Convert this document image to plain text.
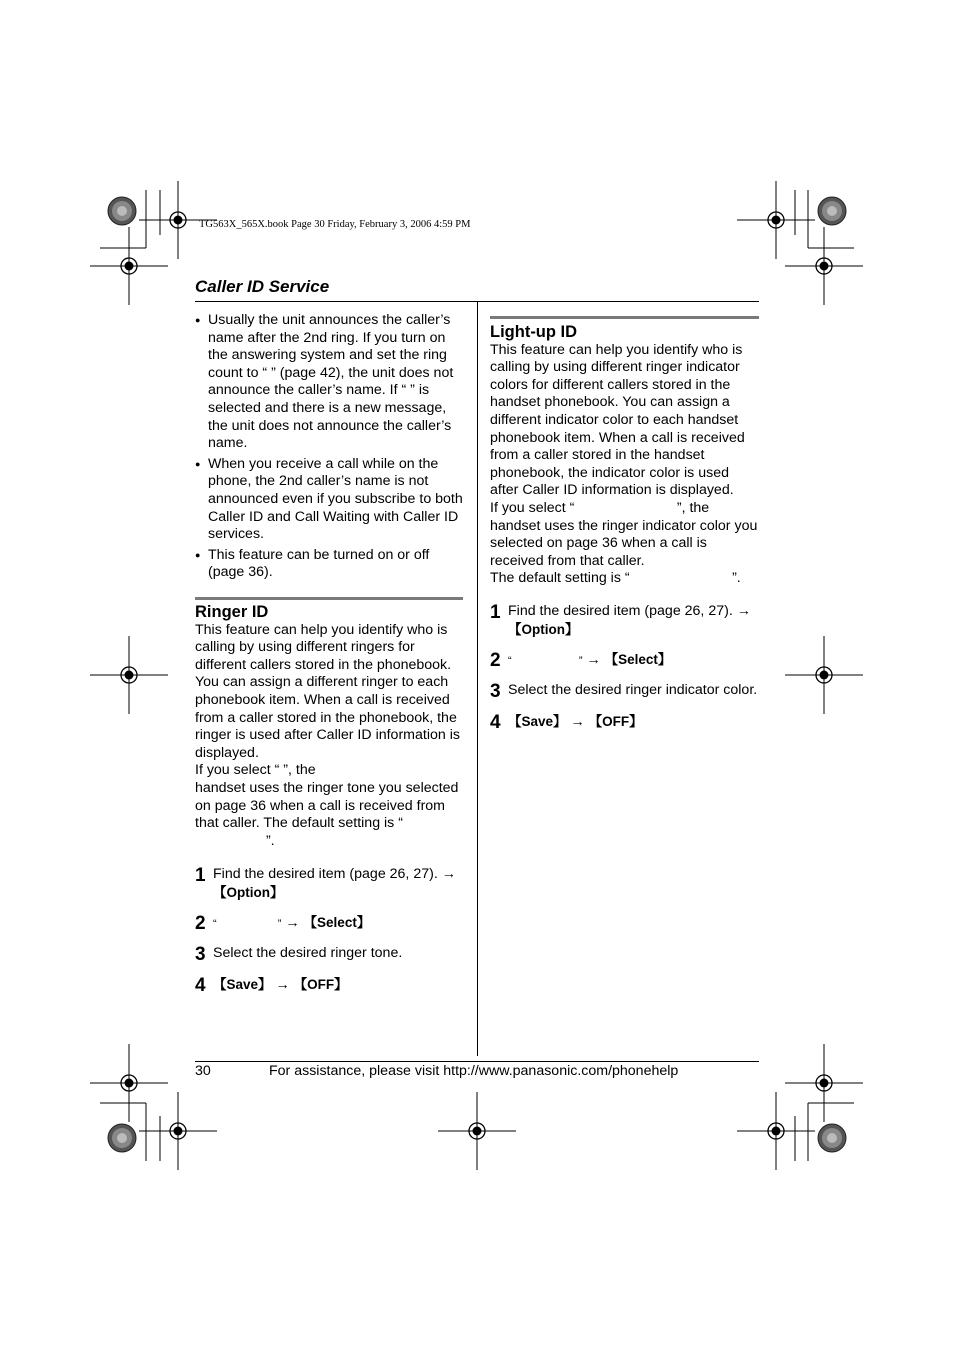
TG563X_565X.book Page 30 Friday, February 3, 2006 4:59 PM
Caller ID Service

● Usually the unit announces the caller’s name after the 2nd ring. If you turn on the answering system and set the ring count to “ ” (page 42), the unit does not announce the caller’s name. If “ ” is selected and there is a new message, the unit does not announce the caller’s name.

● When you receive a call while on the phone, the 2nd caller’s name is not announced even if you subscribe to both Caller ID and Call Waiting with Caller ID services.

● This feature can be turned on or off (page 36).

Ringer ID

This feature can help you identify who is

calling by using different ringers for

different callers stored in the phonebook.

You can assign a different ringer to each

phonebook item. When a call is received

from a caller stored in the phonebook, the

ringer is used after Caller ID information is

displayed.

If you select “ ”, the

handset uses the ringer tone you selected

on page 36 when a call is received from

that caller. The default setting is “

”.

1 Find the desired item (page 26, 27). →
【Option】
2 “                    ” → 【Select】
3 Select the desired ringer tone.
4 【Save】 → 【OFF】

Light-up ID

This feature can help you identify who is

calling by using different ringer indicator

colors for different callers stored in the

handset phonebook. You can assign a

different indicator color to each handset

phonebook item. When a call is received

from a caller stored in the handset

phonebook, the indicator color is used

after Caller ID information is displayed.

If you select “                          ”, the

handset uses the ringer indicator color you

selected on page 36 when a call is

received from that caller.

The default setting is “                          ”.

1 Find the desired item (page 26, 27). →
【Option】
2 “                      ” → 【Select】
3 Select the desired ringer indicator color.
4 【Save】 → 【OFF】
30	For assistance, please visit http://www.panasonic.com/phonehelp
